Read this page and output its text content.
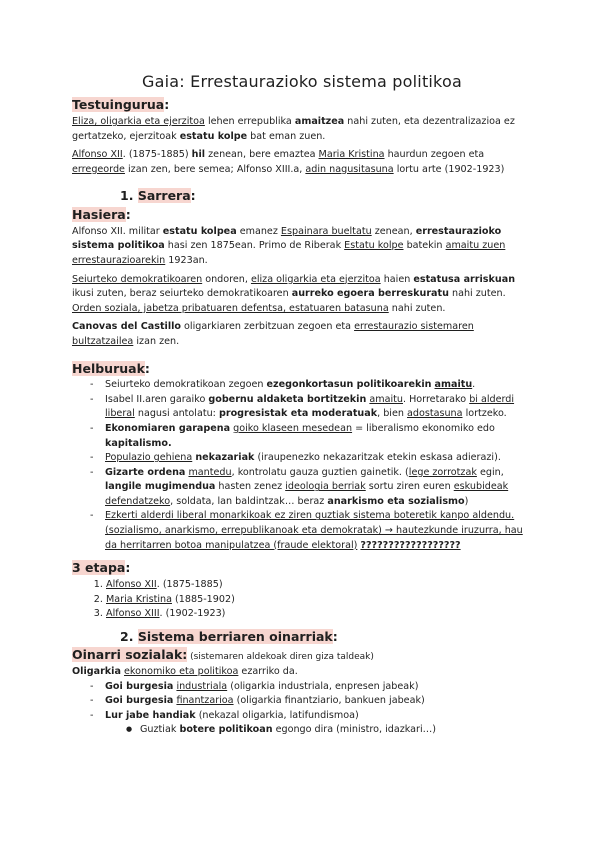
Gaia: Errestaurazioko sistema politikoa
Testuingurua:

Eliza, oligarkia eta ejerzitoa lehen errepublika amaitzea nahi zuten, eta dezentralizazioa ez gertatzeko, ejerzitoak estatu kolpe bat eman zuen.

Alfonso XII. (1875-1885) hil zenean, bere emaztea Maria Kristina haurdun zegoen eta erregeorde izan zen, bere semea; Alfonso XIII.a, adin nagusitasuna lortu arte (1902-1923)

1. Sarrera:
Hasiera:

Alfonso XII. militar estatu kolpea emanez Espainara bueltatu zenean, errestaurazioko sistema politikoa hasi zen 1875ean. Primo de Riberak Estatu kolpe batekin amaitu zuen errestaurazioarekin 1923an.

Seiurteko demokratikoaren ondoren, eliza oligarkia eta ejerzitoa haien estatusa arriskuan ikusi zuten, beraz seiurteko demokratikoaren aurreko egoera berreskuratu nahi zuten. Orden soziala, jabetza pribatuaren defentsa, estatuaren batasuna nahi zuten.

Canovas del Castillo oligarkiaren zerbitzuan zegoen eta errestaurazio sistemaren bultzatzailea izan zen.

Helburuak:
- Seiurteko demokratikoan zegoen ezegonkortasun politikoarekin amaitu.
- Isabel II.aren garaiko gobernu aldaketa bortitzekin amaitu. Horretarako bi alderdi liberal nagusi antolatu: progresistak eta moderatuak, bien adostasuna lortzeko.
- Ekonomiaren garapena goiko klaseen mesedean = liberalismo ekonomiko edo kapitalismo.
- Populazio gehiena nekazariak (iraupenezko nekazaritzak etekin eskasa adierazi).
- Gizarte ordena mantedu, kontrolatu gauza guztien gainetik. (lege zorrotzak egin, langile mugimendua hasten zenez ideologia berriak sortu ziren euren eskubideak defendatzeko, soldata, lan baldintzak… beraz anarkismo eta sozialismo)
- Ezkerti alderdi liberal monarkikoak ez ziren guztiak sistema boteretik kanpo aldendu. (sozialismo, anarkismo, errepublikanoak eta demokratak) → hautezkunde iruzurra, hau da herritarren botoa manipulatzea (fraude elektoral) ??????????????????
3 etapa:
1. Alfonso XII. (1875-1885)
2. Maria Kristina (1885-1902)
3. Alfonso XIII. (1902-1923)
2. Sistema berriaren oinarriak:
Oinarri sozialak: (sistemaren aldekoak diren giza taldeak)

Oligarkia ekonomiko eta politikoa ezarriko da.

- Goi burgesia industriala (oligarkia industriala, enpresen jabeak)
- Goi burgesia finantzarioa (oligarkia finantziario, bankuen jabeak)
- Lur jabe handiak (nekazal oligarkia, latifundismoa)
● Guztiak botere politikoan egongo dira (ministro, idazkari…)
